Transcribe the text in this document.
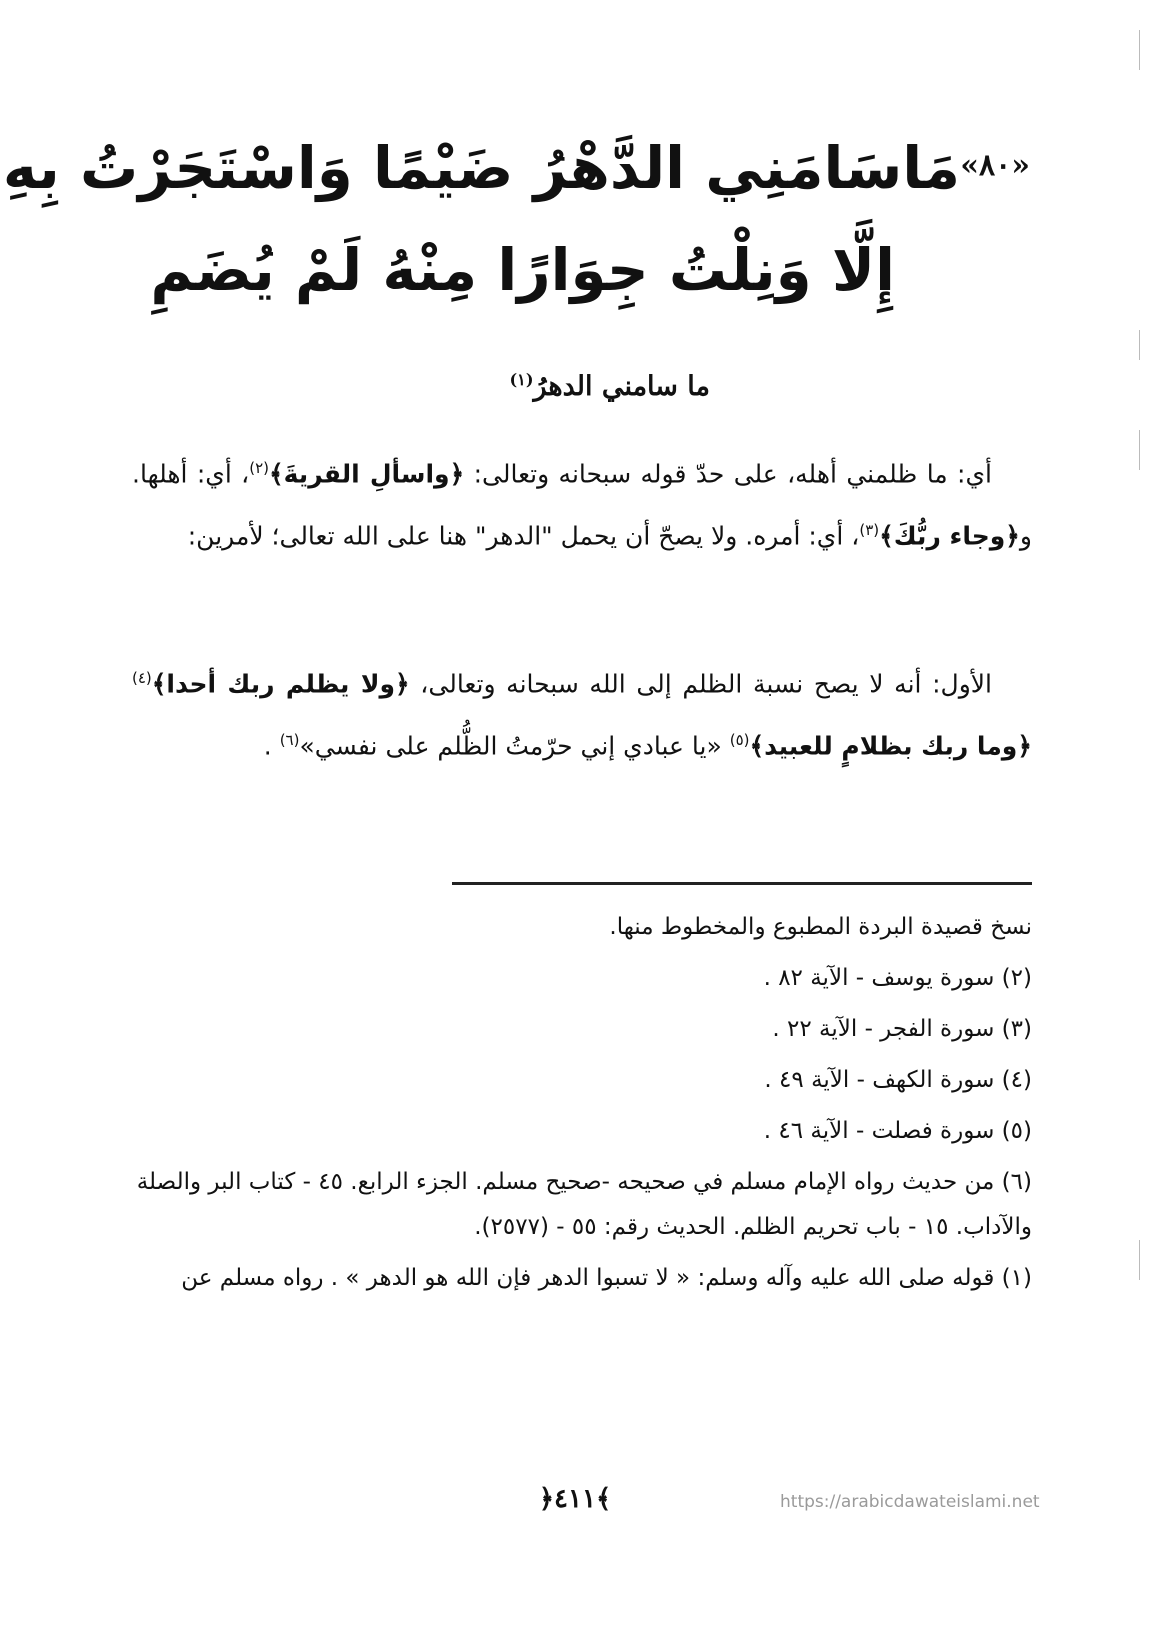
«٨٠»
مَاسَامَنِي الدَّهْرُ ضَيْمًا وَاسْتَجَرْتُ بِهِ
إِلَّا وَنِلْتُ جِوَارًا مِنْهُ لَمْ يُضَمِ
ما سامني الدهرُ$^{(١)}$

أي: ما ظلمني أهله، على حدّ قوله سبحانه وتعالى: ﴿واسألِ القريةَ﴾$^{(٢)}$، أي: أهلها. و﴿وجاء ربُّكَ﴾$^{(٣)}$، أي: أمره. ولا يصحّ أن يحمل "الدهر" هنا على الله تعالى؛ لأمرين:

الأول: أنه لا يصح نسبة الظلم إلى الله سبحانه وتعالى، ﴿ولا يظلم ربك أحدا﴾$^{(٤)}$ ﴿وما ربك بظلامٍ للعبيد﴾$^{(٥)}$ «يا عبادي إني حرّمتُ الظُّلم على نفسي»$^{(٦)}$ .

نسخ قصيدة البردة المطبوع والمخطوط منها.
(٢) سورة يوسف - الآية ٨٢ .
(٣) سورة الفجر - الآية ٢٢ .
(٤) سورة الكهف - الآية ٤٩ .
(٥) سورة فصلت - الآية ٤٦ .
(٦) من حديث رواه الإمام مسلم في صحيحه -صحيح مسلم. الجزء الرابع. ٤٥ - كتاب البر والصلة والآداب. ١٥ - باب تحريم الظلم. الحديث رقم: ٥٥ - (٢٥٧٧).
(١) قوله صلى الله عليه وآله وسلم: « لا تسبوا الدهر فإن الله هو الدهر » . رواه مسلم عن
﴿٤١١﴾	https://arabicdawateislami.net
